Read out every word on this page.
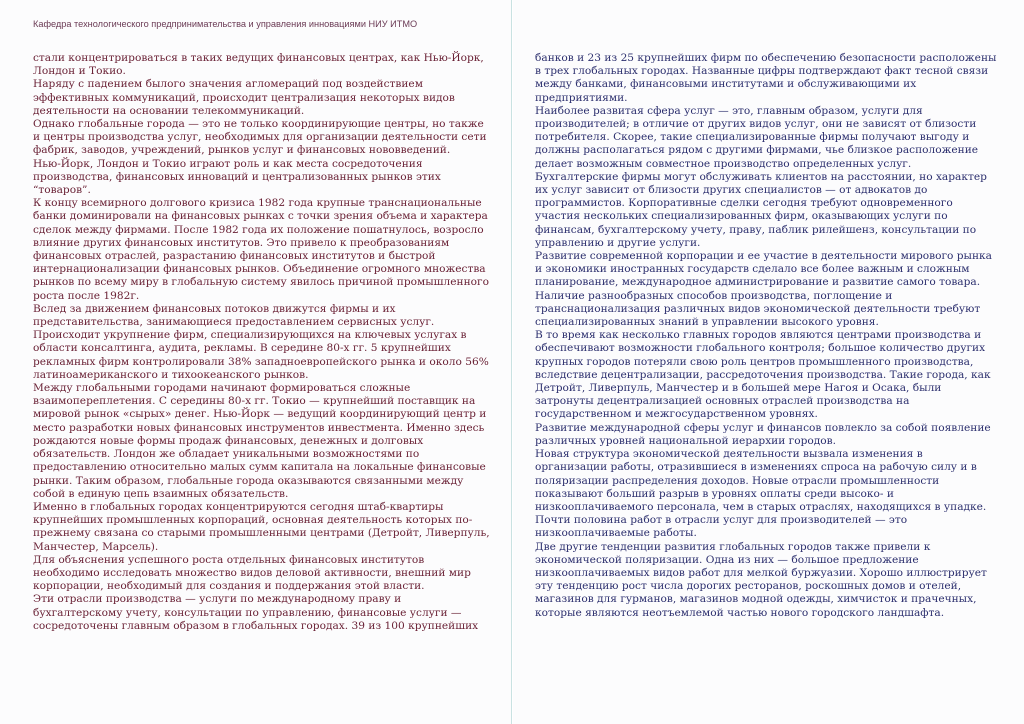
Кафедра технологического предпринимательства и управления инновациями НИУ ИТМО

стали концентрироваться в таких ведущих финансовых центрах, как Нью-Йорк, Лондон и Токио.

Наряду с падением былого значения агломераций под воздействием эффективных коммуникаций, происходит централизация некоторых видов деятельности на основании телекоммуникаций.

Однако глобальные города — это не только координирующие центры, но также и центры производства услуг, необходимых для организации деятельности сети фабрик, заводов, учреждений, рынков услуг и финансовых нововведений.

Нью-Йорк, Лондон и Токио играют роль и как места сосредоточения производства, финансовых инноваций и централизованных рынков этих “товаров”.

К концу всемирного долгового кризиса 1982 года крупные транснациональные банки доминировали на финансовых рынках с точки зрения объема и характера сделок между фирмами. После 1982 года их положение пошатнулось, возросло влияние других финансовых институтов. Это привело к преобразованиям финансовых отраслей, разрастанию финансовых институтов и быстрой интернационализации финансовых рынков. Объединение огромного множества рынков по всему миру в глобальную систему явилось причиной промышленного роста после 1982г.

Вслед за движением финансовых потоков движутся фирмы и их представительства, занимающиеся предоставлением сервисных услуг. Происходит укрупнение фирм, специализирующихся на ключевых услугах в области консалтинга, аудита, рекламы. В середине 80-х гг. 5 крупнейших рекламных фирм контролировали 38% западноевропейского рынка и около 56% латиноамериканского и тихоокеанского рынков.

Между глобальными городами начинают формироваться сложные взаимопереплетения. С середины 80-х гг. Токио — крупнейший поставщик на мировой рынок «сырых» денег. Нью-Йорк — ведущий координирующий центр и место разработки новых финансовых инструментов инвестмента. Именно здесь рождаются новые формы продаж финансовых, денежных и долговых обязательств. Лондон же обладает уникальными возможностями по предоставлению относительно малых сумм капитала на локальные финансовые рынки. Таким образом, глобальные города оказываются связанными между собой в единую цепь взаимных обязательств.

Именно в глобальных городах концентрируются сегодня штаб-квартиры крупнейших промышленных корпораций, основная деятельность которых по-прежнему связана со старыми промышленными центрами (Детройт, Ливерпуль, Манчестер, Марсель).

Для объяснения успешного роста отдельных финансовых институтов необходимо исследовать множество видов деловой активности, внешний мир корпорации, необходимый для создания и поддержания этой власти.

Эти отрасли производства — услуги по международному праву и бухгалтерскому учету, консультации по управлению, финансовые услуги — сосредоточены главным образом в глобальных городах. 39 из 100 крупнейших

банков и 23 из 25 крупнейших фирм по обеспечению безопасности расположены в трех глобальных городах. Названные цифры подтверждают факт тесной связи между банками, финансовыми институтами и обслуживающими их предприятиями.

Наиболее развитая сфера услуг — это, главным образом, услуги для производителей; в отличие от других видов услуг, они не зависят от близости потребителя. Скорее, такие специализированные фирмы получают выгоду и должны располагаться рядом с другими фирмами, чье близкое расположение делает возможным совместное производство определенных услуг.

Бухгалтерские фирмы могут обслуживать клиентов на расстоянии, но характер их услуг зависит от близости других специалистов — от адвокатов до программистов. Корпоративные сделки сегодня требуют одновременного участия нескольких специализированных фирм, оказывающих услуги по финансам, бухгалтерскому учету, праву, паблик рилейшенз, консультации по управлению и другие услуги.

Развитие современной корпорации и ее участие в деятельности мирового рынка и экономики иностранных государств сделало все более важным и сложным планирование, международное администрирование и развитие самого товара. Наличие разнообразных способов производства, поглощение и транснационализация различных видов экономической деятельности требуют специализированных знаний в управлении высокого уровня.

В то время как несколько главных городов являются центрами производства и обеспечивают возможности глобального контроля; большое количество других крупных городов потеряли свою роль центров промышленного производства, вследствие децентрализации, рассредоточения производства. Такие города, как Детройт, Ливерпуль, Манчестер и в большей мере Нагоя и Осака, были затронуты децентрализацией основных отраслей производства на государственном и межгосударственном уровнях.

Развитие международной сферы услуг и финансов повлекло за собой появление различных уровней национальной иерархии городов.

Новая структура экономической деятельности вызвала изменения в организации работы, отразившиеся в изменениях спроса на рабочую силу и в поляризации распределения доходов. Новые отрасли промышленности показывают больший разрыв в уровнях оплаты среди высоко- и низкооплачиваемого персонала, чем в старых отраслях, находящихся в упадке. Почти половина работ в отрасли услуг для производителей — это низкооплачиваемые работы.

Две другие тенденции развития глобальных городов также привели к экономической поляризации. Одна из них — большое предложение низкооплачиваемых видов работ для мелкой буржуазии. Хорошо иллюстрирует эту тенденцию рост числа дорогих ресторанов, роскошных домов и отелей, магазинов для гурманов, магазинов модной одежды, химчисток и прачечных, которые являются неотъемлемой частью нового городского ландшафта.
